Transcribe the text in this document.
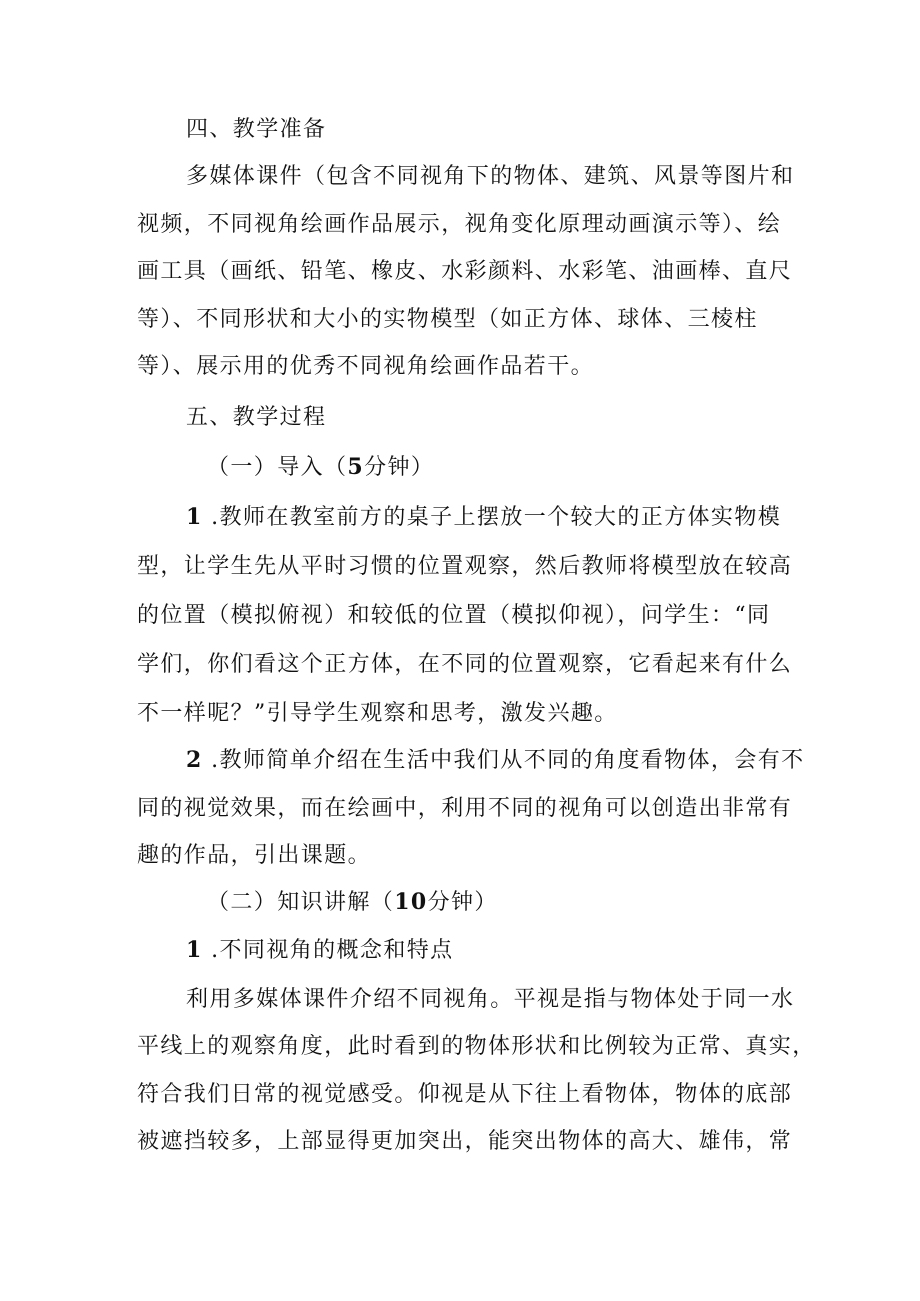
四、教学准备
多媒体课件（包含不同视角下的物体、建筑、风景等图片和
视频，不同视角绘画作品展示，视角变化原理动画演示等）、绘
画工具（画纸、铅笔、橡皮、水彩颜料、水彩笔、油画棒、直尺
等）、不同形状和大小的实物模型（如正方体、球体、三棱柱
等）、展示用的优秀不同视角绘画作品若干。
五、教学过程
（一）导入（5分钟）
1 .教师在教室前方的桌子上摆放一个较大的正方体实物模
型，让学生先从平时习惯的位置观察，然后教师将模型放在较高
的位置（模拟俯视）和较低的位置（模拟仰视），问学生：“同
学们，你们看这个正方体，在不同的位置观察，它看起来有什么
不一样呢？”引导学生观察和思考，激发兴趣。
2 .教师简单介绍在生活中我们从不同的角度看物体，会有不
同的视觉效果，而在绘画中，利用不同的视角可以创造出非常有
趣的作品，引出课题。
（二）知识讲解（10分钟）
1 .不同视角的概念和特点
利用多媒体课件介绍不同视角。平视是指与物体处于同一水
平线上的观察角度，此时看到的物体形状和比例较为正常、真实，
符合我们日常的视觉感受。仰视是从下往上看物体，物体的底部
被遮挡较多，上部显得更加突出，能突出物体的高大、雄伟，常
